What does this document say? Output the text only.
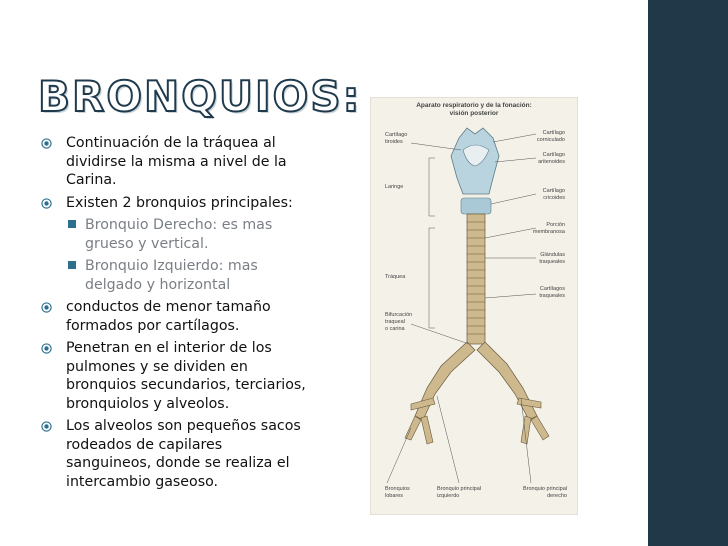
BRONQUIOS:
Continuación de la tráquea al dividirse la misma a nivel de la Carina.
Existen 2 bronquios principales:
Bronquio Derecho: es mas grueso y vertical.
Bronquio Izquierdo: mas delgado y horizontal
conductos de menor tamaño formados por cartílagos.
Penetran en el interior de los pulmones y se dividen en bronquios secundarios, terciarios, bronquiolos y alveolos.
Los alveolos son pequeños sacos rodeados de capilares sanguineos, donde se realiza el intercambio gaseoso.
Aparato respiratorio y de la fonación:
visión posterior
Cartílago
tiroides
Laringe
Tráquea
Bifurcación
traqueal
o carina
Cartílago
corniculado
Cartílago
aritenoides
Cartílago
cricoides
Porción
membranosa
Glándulas
traqueales
Cartílagos
traqueales
Bronquios
lobares
Bronquio principal
izquierdo
Bronquio principal
derecho
